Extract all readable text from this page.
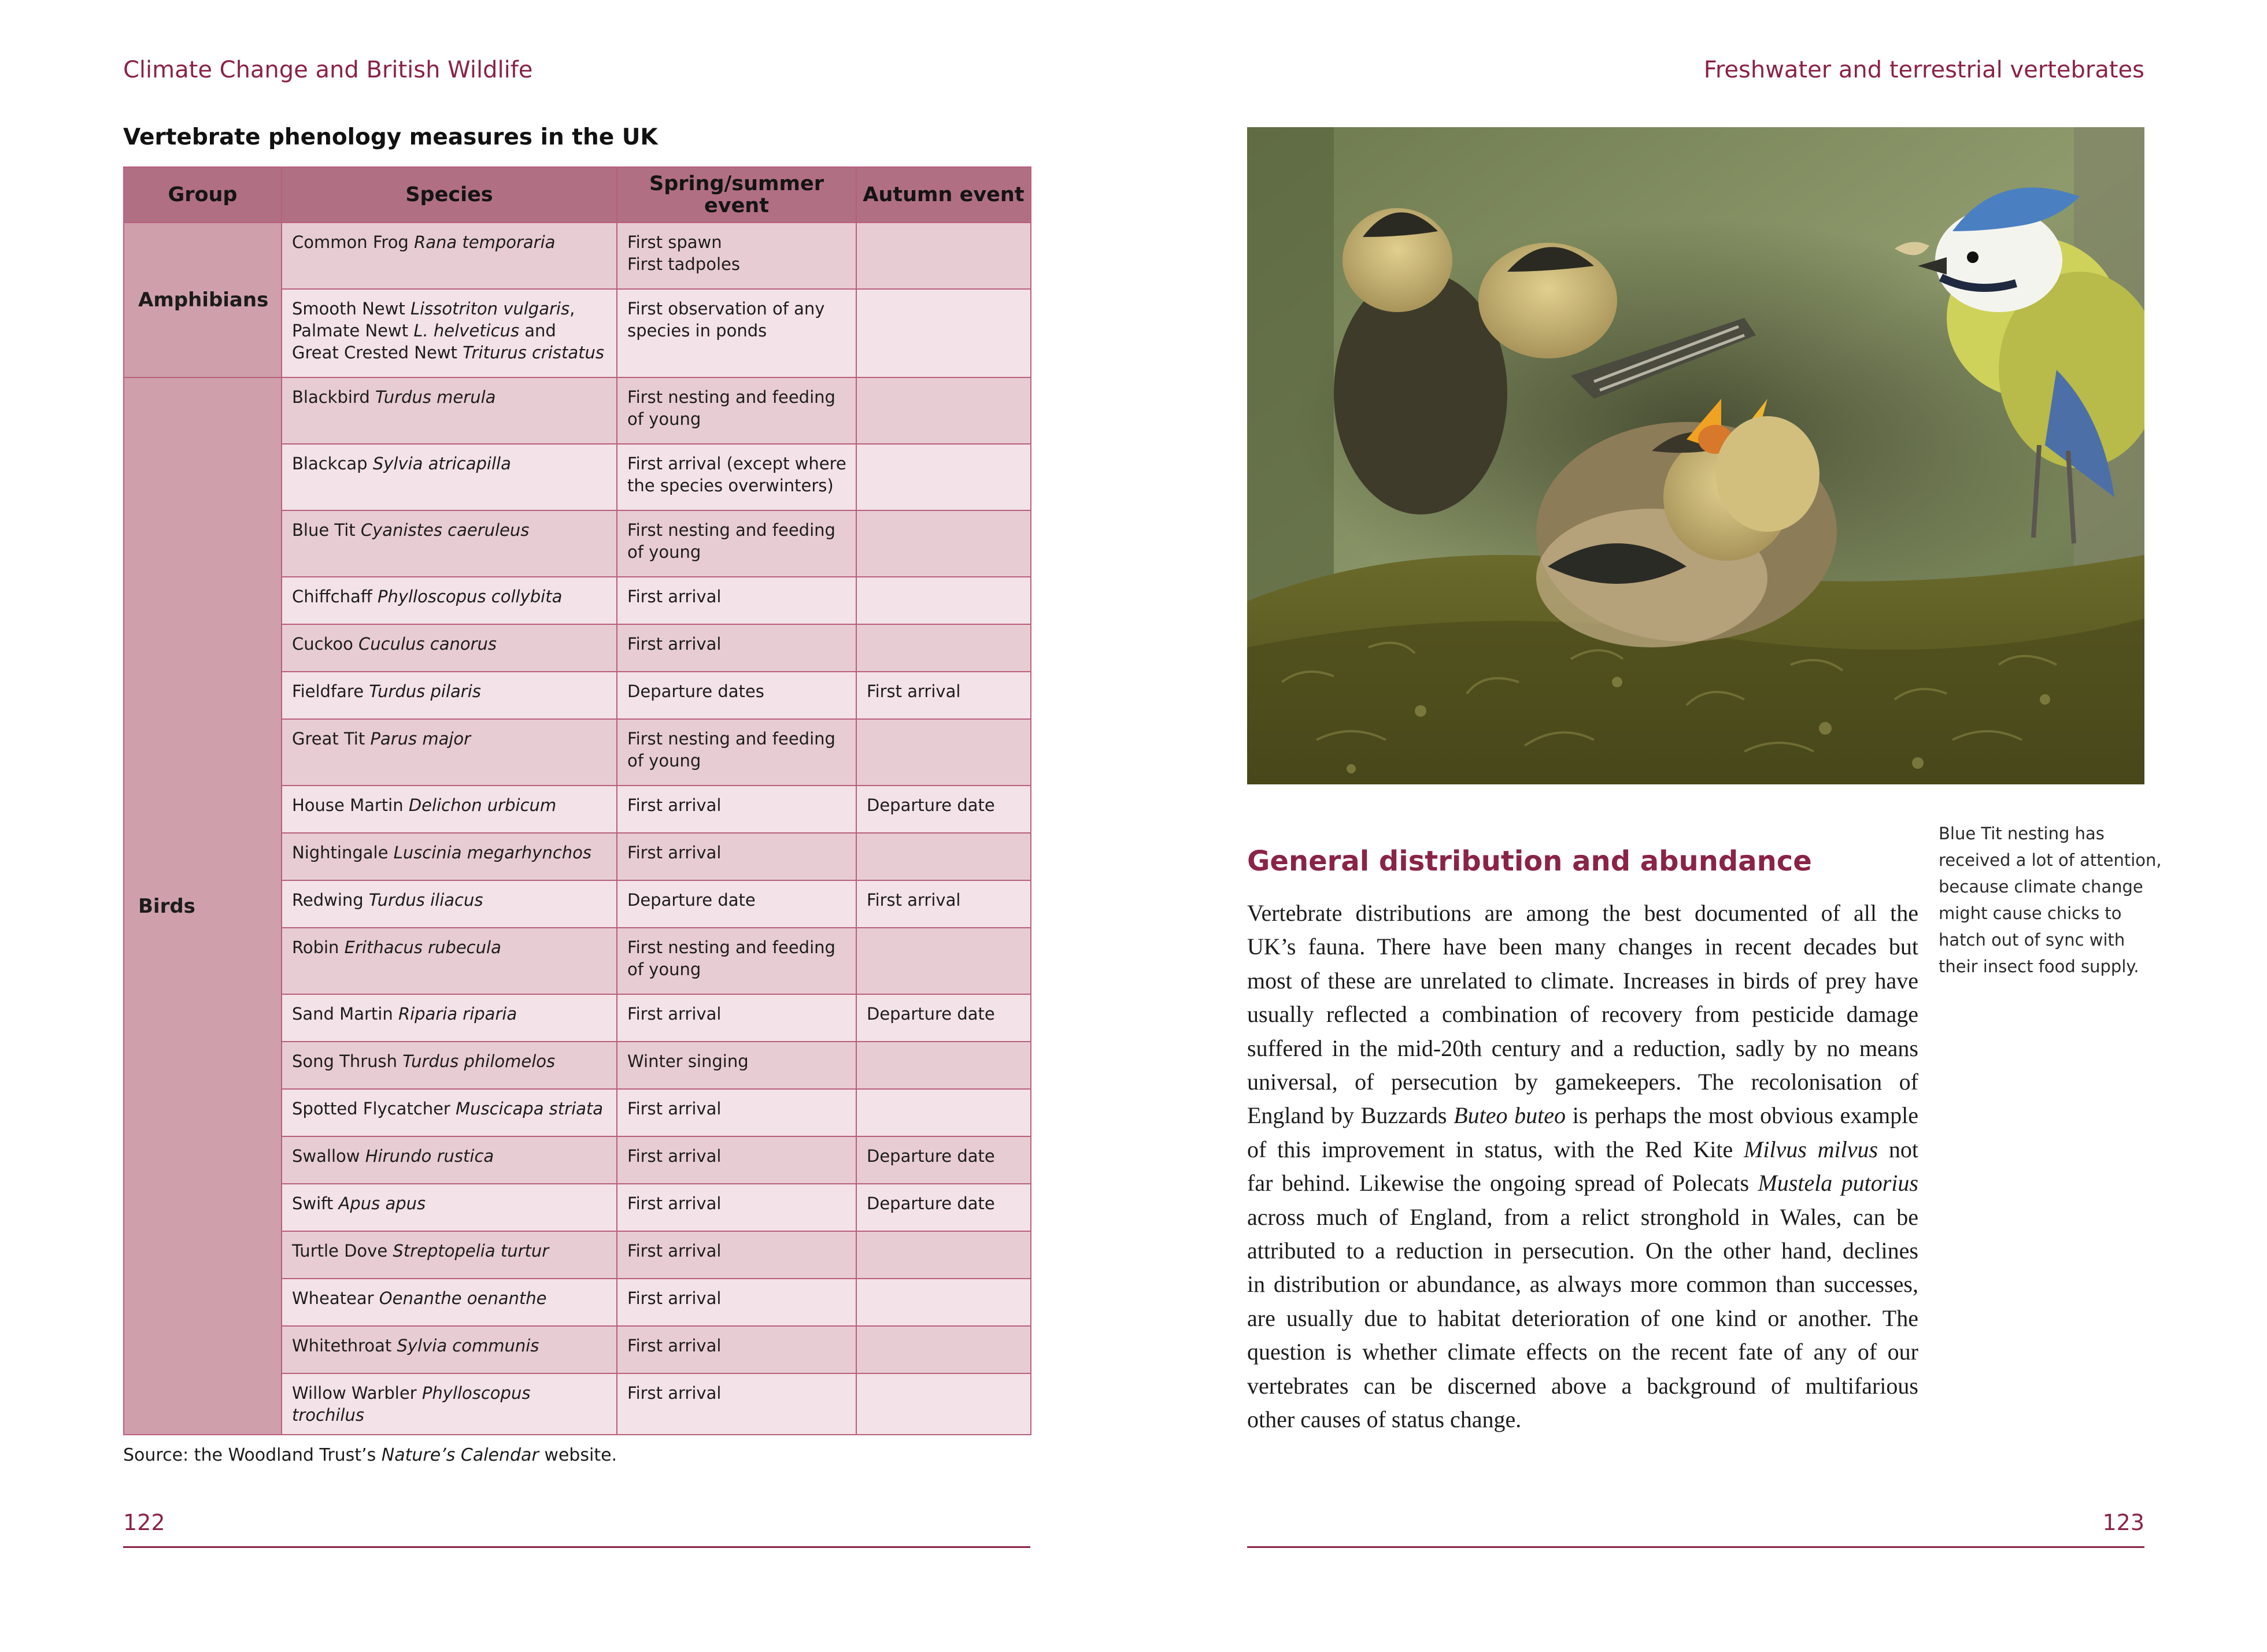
Climate Change and British Wildlife
Vertebrate phenology measures in the UK
Group	Species	Spring/summer event	Autumn event
Amphibians	Common Frog Rana temporaria	First spawn
First tadpoles	

	Smooth Newt Lissotriton vulgaris,
Palmate Newt L. helveticus and
Great Crested Newt Triturus cristatus	First observation of any
species in ponds	

Birds	Blackbird Turdus merula	First nesting and feeding
of young	

	Blackcap Sylvia atricapilla	First arrival (except where
the species overwinters)	

	Blue Tit Cyanistes caeruleus	First nesting and feeding
of young	

	Chiffchaff Phylloscopus collybita	First arrival	

	Cuckoo Cuculus canorus	First arrival	

	Fieldfare Turdus pilaris	Departure dates	First arrival

	Great Tit Parus major	First nesting and feeding
of young	

	House Martin Delichon urbicum	First arrival	Departure date

	Nightingale Luscinia megarhynchos	First arrival	

	Redwing Turdus iliacus	Departure date	First arrival

	Robin Erithacus rubecula	First nesting and feeding
of young	

	Sand Martin Riparia riparia	First arrival	Departure date

	Song Thrush Turdus philomelos	Winter singing	

	Spotted Flycatcher Muscicapa striata	First arrival	

	Swallow Hirundo rustica	First arrival	Departure date

	Swift Apus apus	First arrival	Departure date

	Turtle Dove Streptopelia turtur	First arrival	

	Wheatear Oenanthe oenanthe	First arrival	

	Whitethroat Sylvia communis	First arrival	

	Willow Warbler Phylloscopus trochilus	First arrival	

Source: the Woodland Trust’s Nature’s Calendar website.
122
Freshwater and terrestrial vertebrates
General distribution and abundance
Vertebrate distributions are among the best documented of all the
UK’s fauna. There have been many changes in recent decades but
most of these are unrelated to climate. Increases in birds of prey have
usually reflected a combination of recovery from pesticide damage
suffered in the mid-20th century and a reduction, sadly by no means
universal, of persecution by gamekeepers. The recolonisation of
England by Buzzards Buteo buteo is perhaps the most obvious example
of this improvement in status, with the Red Kite Milvus milvus not
far behind. Likewise the ongoing spread of Polecats Mustela putorius
across much of England, from a relict stronghold in Wales, can be
attributed to a reduction in persecution. On the other hand, declines
in distribution or abundance, as always more common than successes,
are usually due to habitat deterioration of one kind or another. The
question is whether climate effects on the recent fate of any of our
vertebrates can be discerned above a background of multifarious
other causes of status change.
Blue Tit nesting has
received a lot of attention,
because climate change
might cause chicks to
hatch out of sync with
their insect food supply.
123
